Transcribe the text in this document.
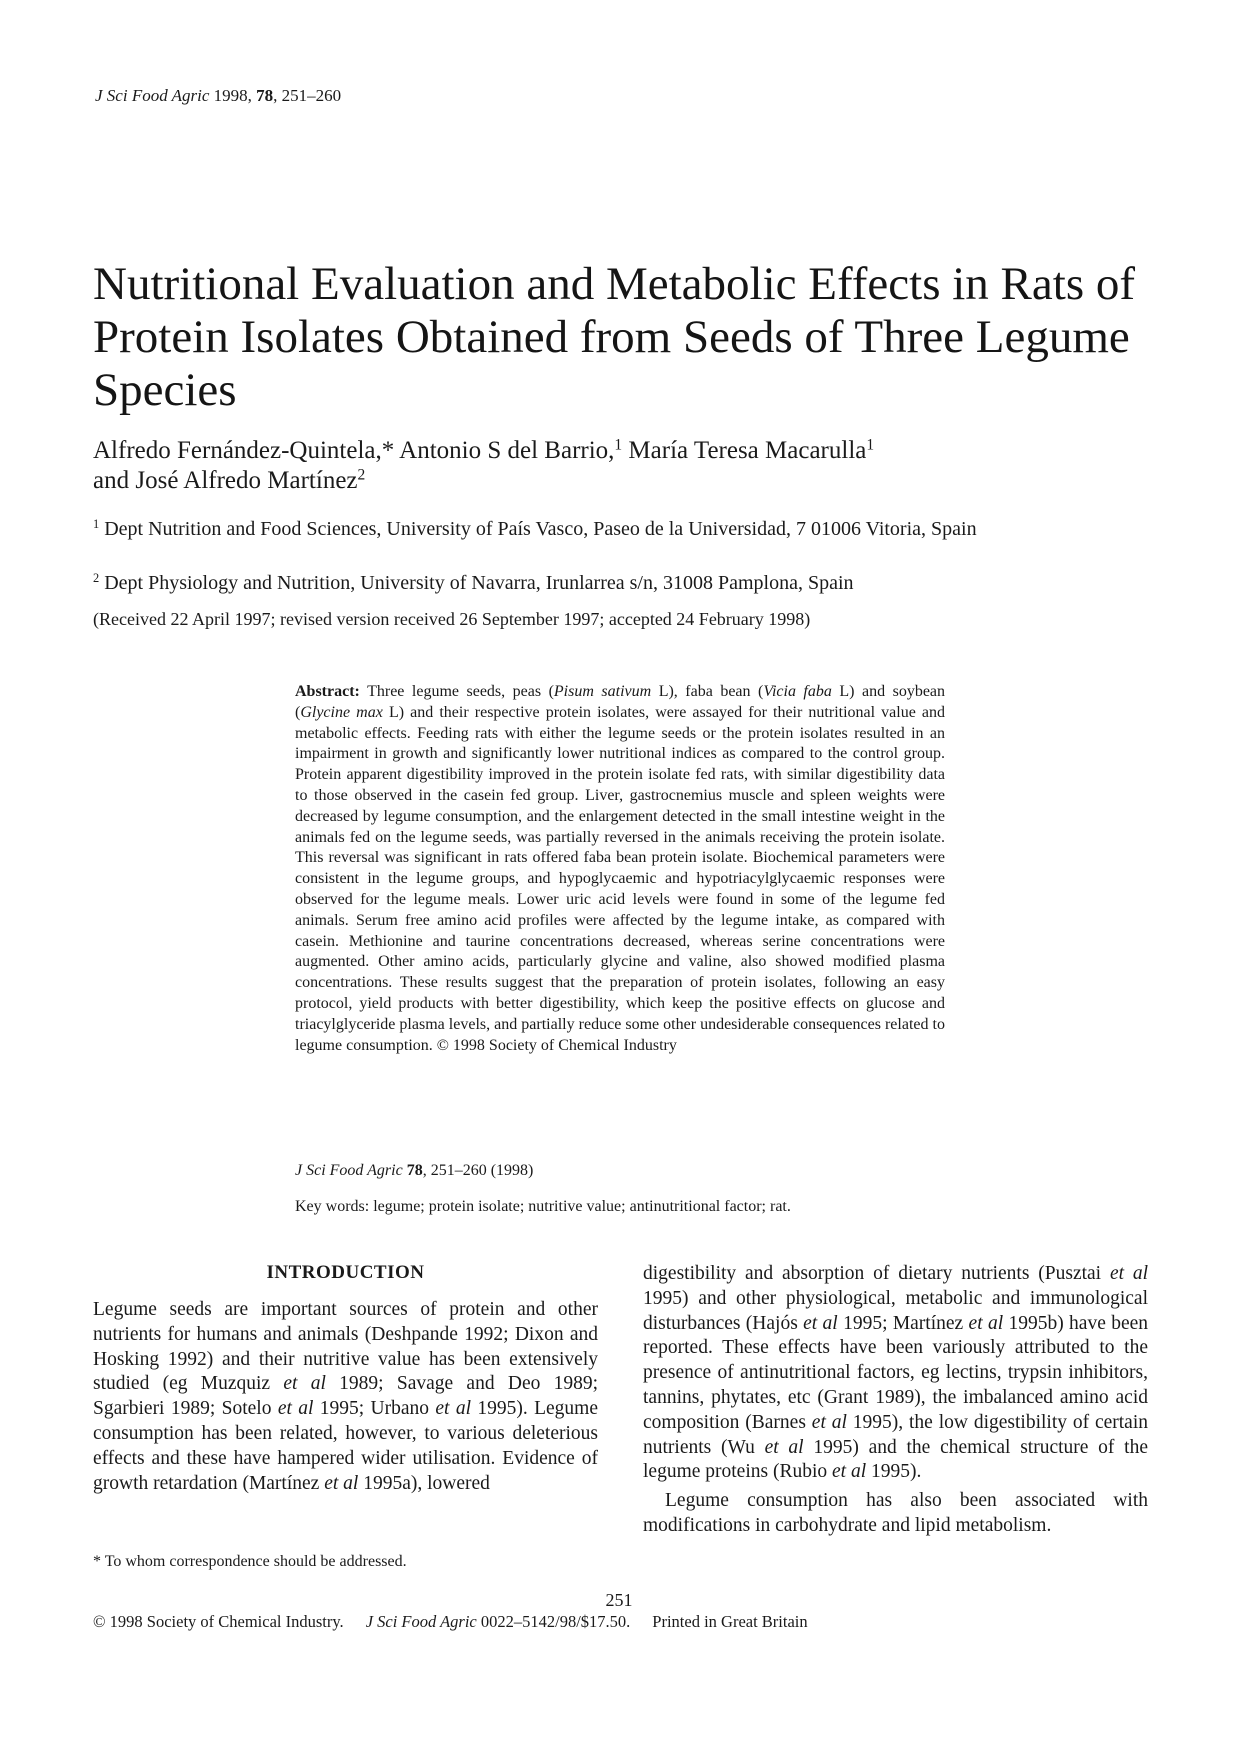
J Sci Food Agric 1998, 78, 251–260
Nutritional Evaluation and Metabolic Effects in Rats of Protein Isolates Obtained from Seeds of Three Legume Species
Alfredo Fernández-Quintela,* Antonio S del Barrio,$^1$ María Teresa Macarulla$^1$
and José Alfredo Martínez$^2$
$^1$ Dept Nutrition and Food Sciences, University of País Vasco, Paseo de la Universidad, 7 01006 Vitoria, Spain
$^2$ Dept Physiology and Nutrition, University of Navarra, Irunlarrea s/n, 31008 Pamplona, Spain
(Received 22 April 1997; revised version received 26 September 1997; accepted 24 February 1998)
Abstract: Three legume seeds, peas (Pisum sativum L), faba bean (Vicia faba L) and soybean (Glycine max L) and their respective protein isolates, were assayed for their nutritional value and metabolic effects. Feeding rats with either the legume seeds or the protein isolates resulted in an impairment in growth and significantly lower nutritional indices as compared to the control group. Protein apparent digestibility improved in the protein isolate fed rats, with similar digestibility data to those observed in the casein fed group. Liver, gastrocnemius muscle and spleen weights were decreased by legume consumption, and the enlargement detected in the small intestine weight in the animals fed on the legume seeds, was partially reversed in the animals receiving the protein isolate. This reversal was significant in rats offered faba bean protein isolate. Biochemical parameters were consistent in the legume groups, and hypoglycaemic and hypotriacylglycaemic responses were observed for the legume meals. Lower uric acid levels were found in some of the legume fed animals. Serum free amino acid profiles were affected by the legume intake, as compared with casein. Methionine and taurine concentrations decreased, whereas serine concentrations were augmented. Other amino acids, particularly glycine and valine, also showed modified plasma concentrations. These results suggest that the preparation of protein isolates, following an easy protocol, yield products with better digestibility, which keep the positive effects on glucose and triacylglyceride plasma levels, and partially reduce some other undesiderable consequences related to legume consumption. © 1998 Society of Chemical Industry
J Sci Food Agric 78, 251–260 (1998)
Key words: legume; protein isolate; nutritive value; antinutritional factor; rat.
INTRODUCTION

Legume seeds are important sources of protein and other nutrients for humans and animals (Deshpande 1992; Dixon and Hosking 1992) and their nutritive value has been extensively studied (eg Muzquiz et al 1989; Savage and Deo 1989; Sgarbieri 1989; Sotelo et al 1995; Urbano et al 1995). Legume consumption has been related, however, to various deleterious effects and these have hampered wider utilisation. Evidence of growth retardation (Martínez et al 1995a), lowered

digestibility and absorption of dietary nutrients (Pusztai et al 1995) and other physiological, metabolic and immunological disturbances (Hajós et al 1995; Martínez et al 1995b) have been reported. These effects have been variously attributed to the presence of antinutritional factors, eg lectins, trypsin inhibitors, tannins, phytates, etc (Grant 1989), the imbalanced amino acid composition (Barnes et al 1995), the low digestibility of certain nutrients (Wu et al 1995) and the chemical structure of the legume proteins (Rubio et al 1995).

Legume consumption has also been associated with modifications in carbohydrate and lipid metabolism.

* To whom correspondence should be addressed.
251
© 1998 Society of Chemical Industry. J Sci Food Agric 0022–5142/98/$17.50. Printed in Great Britain
